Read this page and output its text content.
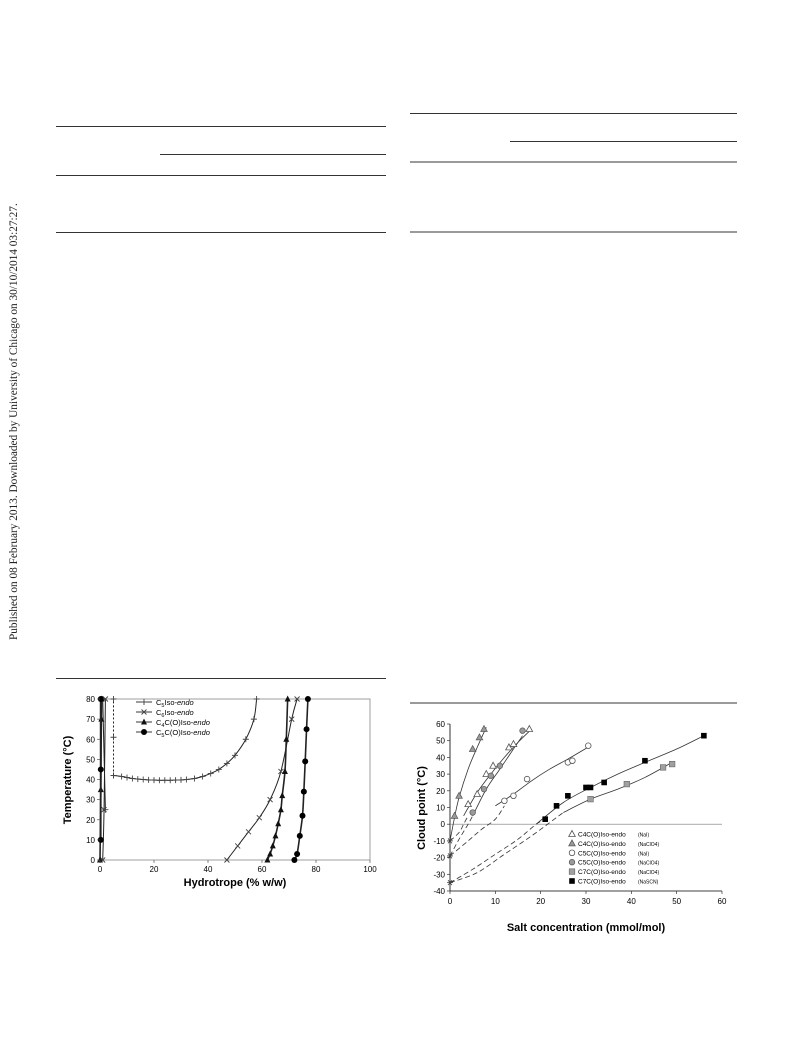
Published on 08 February 2013. Downloaded by University of Chicago on 30/10/2014 03:27:27.
0	20	40	60	80	100
0
10
20
30
40
50
60
70
80
Hydrotrope (% w/w)
Temperature (°C)
$C_5Iso$-endo
$C_6Iso$-endo
$C_4C(O)Iso$-endo
$C_5C(O)Iso$-endo
0	10	20	30	40	50	60
-40
-30
-20
-10
0
10
20
30
40
50
60
Salt concentration (mmol/mol)
Cloud point (°C)	C4C(O)Iso-endo (NaI)
C4C(O)Iso-endo (NaClO4)
C5C(O)Iso-endo (NaI)
C5C(O)Iso-endo (NaClO4)
C7C(O)Iso-endo (NaClO4)
C7C(O)Iso-endo (NaSCN)
